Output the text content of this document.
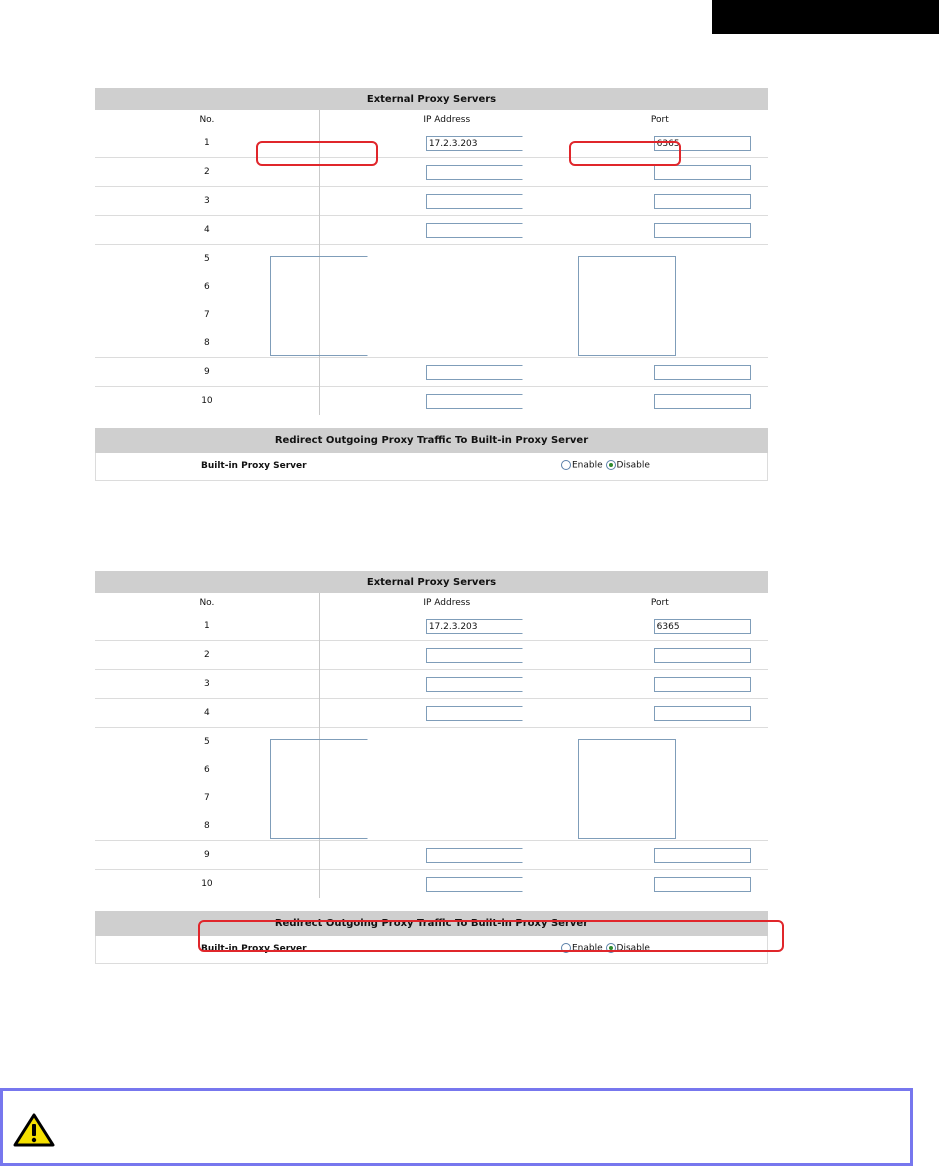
External Proxy Servers		
No.	IP Address	Port
1	17.2.3.203	6365

2	

3	

4	

5		
6		
7		
8		
9	

10	

Redirect Outgoing Proxy Traffic To Built-in Proxy Server
Built-in Proxy Server	Enable Disable
External Proxy Servers		
No.	IP Address	Port
1	17.2.3.203	6365

2	

3	

4	

5		
6		
7		
8		
9	

10	

Redirect Outgoing Proxy Traffic To Built-in Proxy Server
Built-in Proxy Server	Enable Disable
